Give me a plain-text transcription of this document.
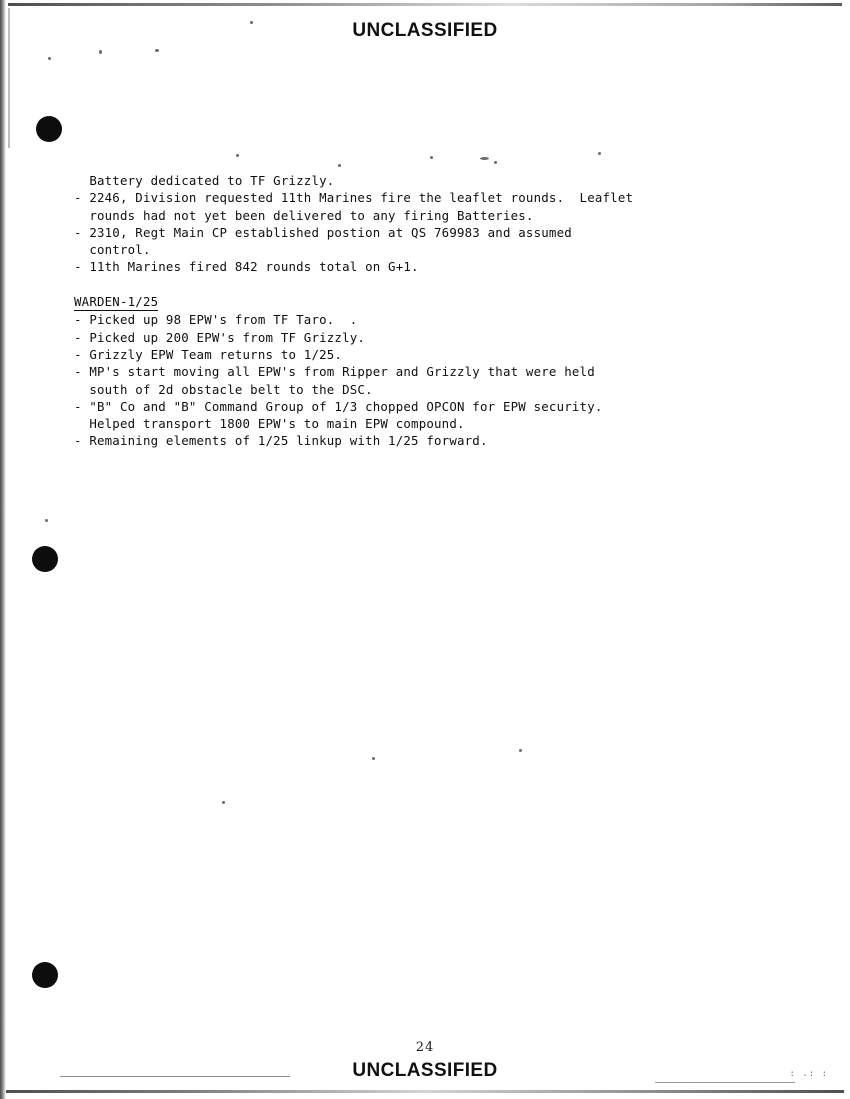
: .: :
UNCLASSIFIED
Battery dedicated to TF Grizzly.
- 2246, Division requested 11th Marines fire the leaflet rounds.  Leaflet
rounds had not yet been delivered to any firing Batteries.
- 2310, Regt Main CP established postion at QS 769983 and assumed
control.
- 11th Marines fired 842 rounds total on G+1.
WARDEN-1/25
- Picked up 98 EPW's from TF Taro.  .
- Picked up 200 EPW's from TF Grizzly.
- Grizzly EPW Team returns to 1/25.
- MP's start moving all EPW's from Ripper and Grizzly that were held
south of 2d obstacle belt to the DSC.
- "B" Co and "B" Command Group of 1/3 chopped OPCON for EPW security.
Helped transport 1800 EPW's to main EPW compound.
- Remaining elements of 1/25 linkup with 1/25 forward.
24
UNCLASSIFIED
